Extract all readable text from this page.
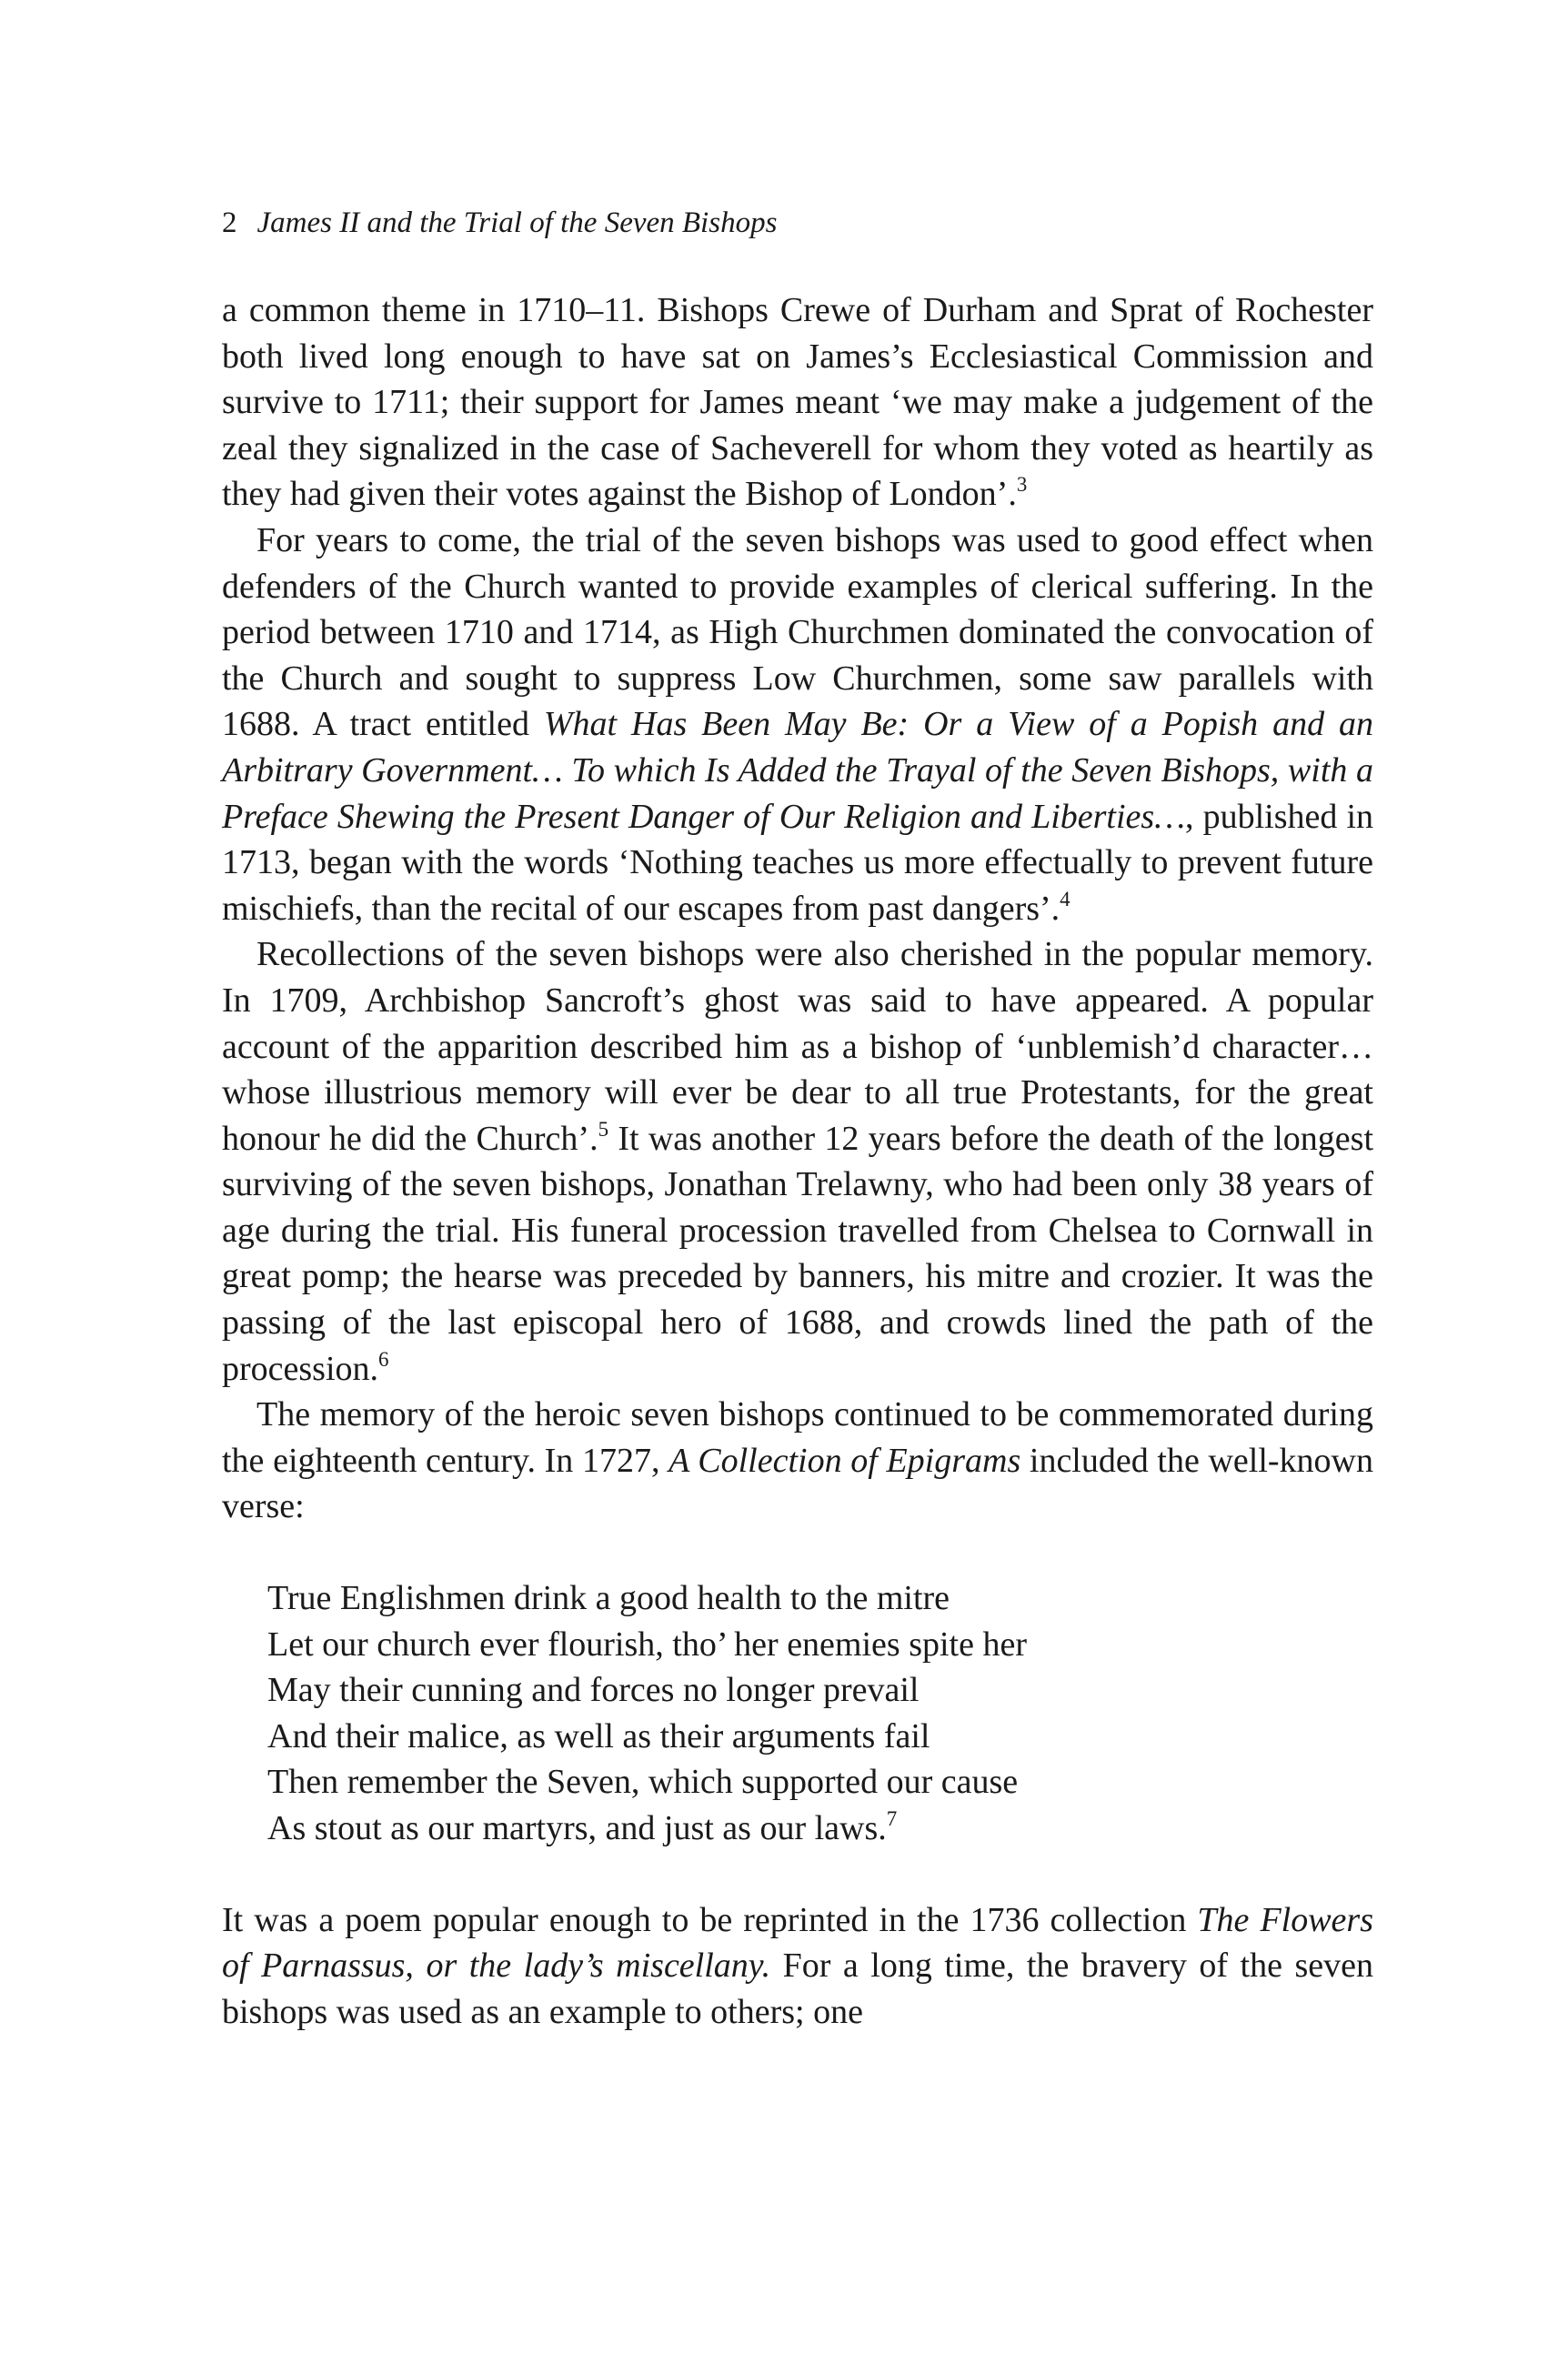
2 James II and the Trial of the Seven Bishops

a common theme in 1710–11. Bishops Crewe of Durham and Sprat of Rochester both lived long enough to have sat on James’s Ecclesiastical Commission and survive to 1711; their support for James meant ‘we may make a judgement of the zeal they signalized in the case of Sacheverell for whom they voted as heartily as they had given their votes against the Bishop of London’.$^3$

For years to come, the trial of the seven bishops was used to good effect when defenders of the Church wanted to provide examples of clerical suffering. In the period between 1710 and 1714, as High Churchmen dominated the convocation of the Church and sought to suppress Low Churchmen, some saw parallels with 1688. A tract entitled What Has Been May Be: Or a View of a Popish and an Arbitrary Government… To which Is Added the Trayal of the Seven Bishops, with a Preface Shewing the Present Danger of Our Religion and Liberties…, published in 1713, began with the words ‘Nothing teaches us more effectually to prevent future mischiefs, than the recital of our escapes from past dangers’.$^4$

Recollections of the seven bishops were also cherished in the popular memory. In 1709, Archbishop Sancroft’s ghost was said to have appeared. A popular account of the apparition described him as a bishop of ‘unblemish’d character…whose illustrious memory will ever be dear to all true Protestants, for the great honour he did the Church’.$^5$ It was another 12 years before the death of the longest surviving of the seven bishops, Jonathan Trelawny, who had been only 38 years of age during the trial. His funeral procession travelled from Chelsea to Cornwall in great pomp; the hearse was preceded by banners, his mitre and crozier. It was the passing of the last episcopal hero of 1688, and crowds lined the path of the procession.$^6$

The memory of the heroic seven bishops continued to be commemorated during the eighteenth century. In 1727, A Collection of Epigrams included the well-known verse:

True Englishmen drink a good health to the mitre
Let our church ever flourish, tho’ her enemies spite her
May their cunning and forces no longer prevail
And their malice, as well as their arguments fail
Then remember the Seven, which supported our cause
As stout as our martyrs, and just as our laws.$^7$

It was a poem popular enough to be reprinted in the 1736 collection The Flowers of Parnassus, or the lady’s miscellany. For a long time, the bravery of the seven bishops was used as an example to others; one
